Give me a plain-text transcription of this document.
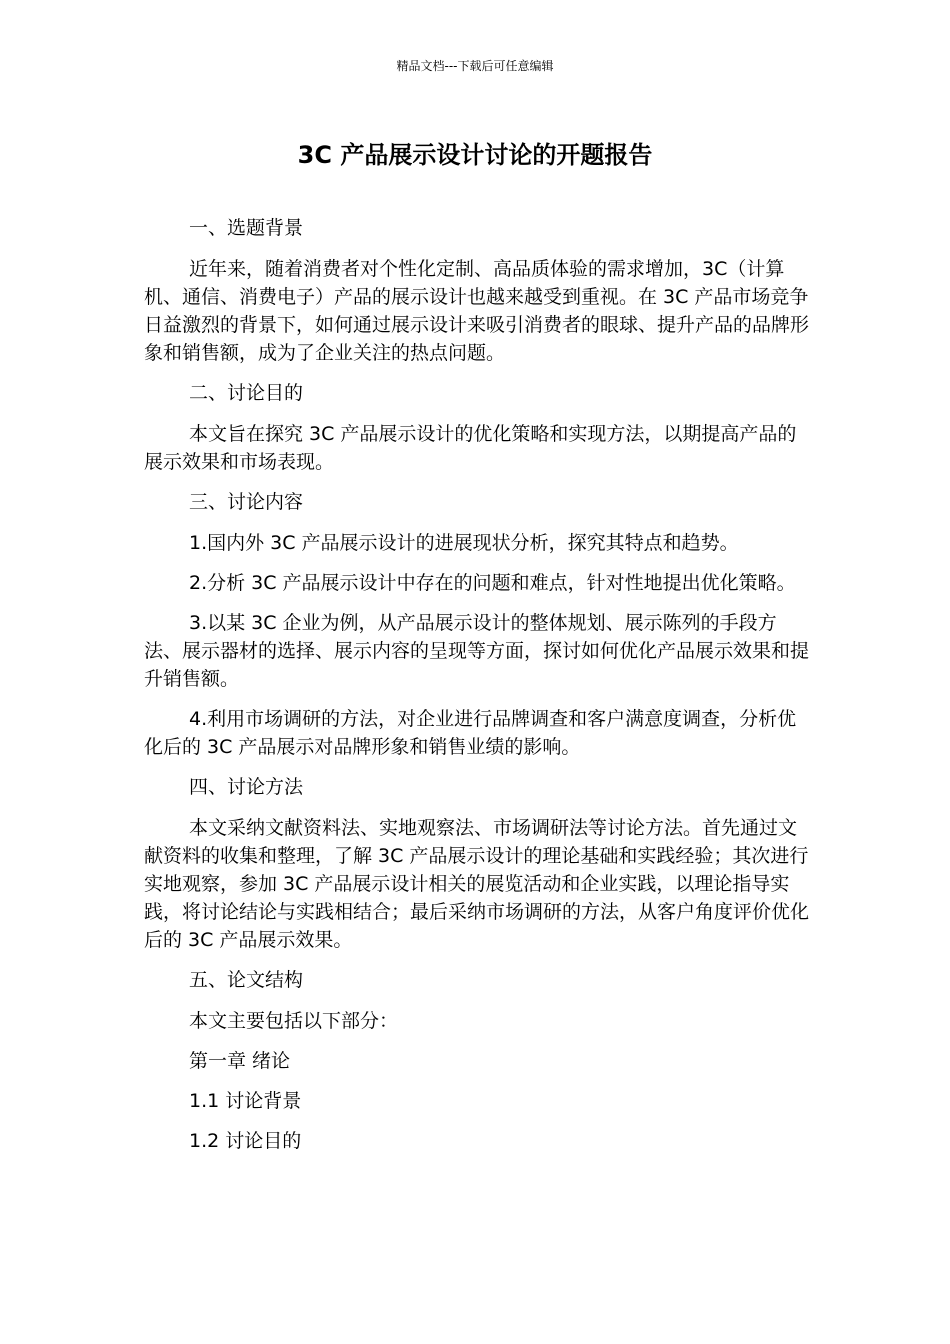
精品文档---下载后可任意编辑
3C 产品展示设计讨论的开题报告

一、选题背景

近年来，随着消费者对个性化定制、高品质体验的需求增加，3C（计算机、通信、消费电子）产品的展示设计也越来越受到重视。在 3C 产品市场竞争日益激烈的背景下，如何通过展示设计来吸引消费者的眼球、提升产品的品牌形象和销售额，成为了企业关注的热点问题。

二、讨论目的

本文旨在探究 3C 产品展示设计的优化策略和实现方法，以期提高产品的展示效果和市场表现。

三、讨论内容

1.国内外 3C 产品展示设计的进展现状分析，探究其特点和趋势。

2.分析 3C 产品展示设计中存在的问题和难点，针对性地提出优化策略。

3.以某 3C 企业为例，从产品展示设计的整体规划、展示陈列的手段方法、展示器材的选择、展示内容的呈现等方面，探讨如何优化产品展示效果和提升销售额。

4.利用市场调研的方法，对企业进行品牌调查和客户满意度调查，分析优化后的 3C 产品展示对品牌形象和销售业绩的影响。

四、讨论方法

本文采纳文献资料法、实地观察法、市场调研法等讨论方法。首先通过文献资料的收集和整理，了解 3C 产品展示设计的理论基础和实践经验；其次进行实地观察，参加 3C 产品展示设计相关的展览活动和企业实践，以理论指导实践，将讨论结论与实践相结合；最后采纳市场调研的方法，从客户角度评价优化后的 3C 产品展示效果。

五、论文结构

本文主要包括以下部分：

第一章 绪论

1.1 讨论背景

1.2 讨论目的
